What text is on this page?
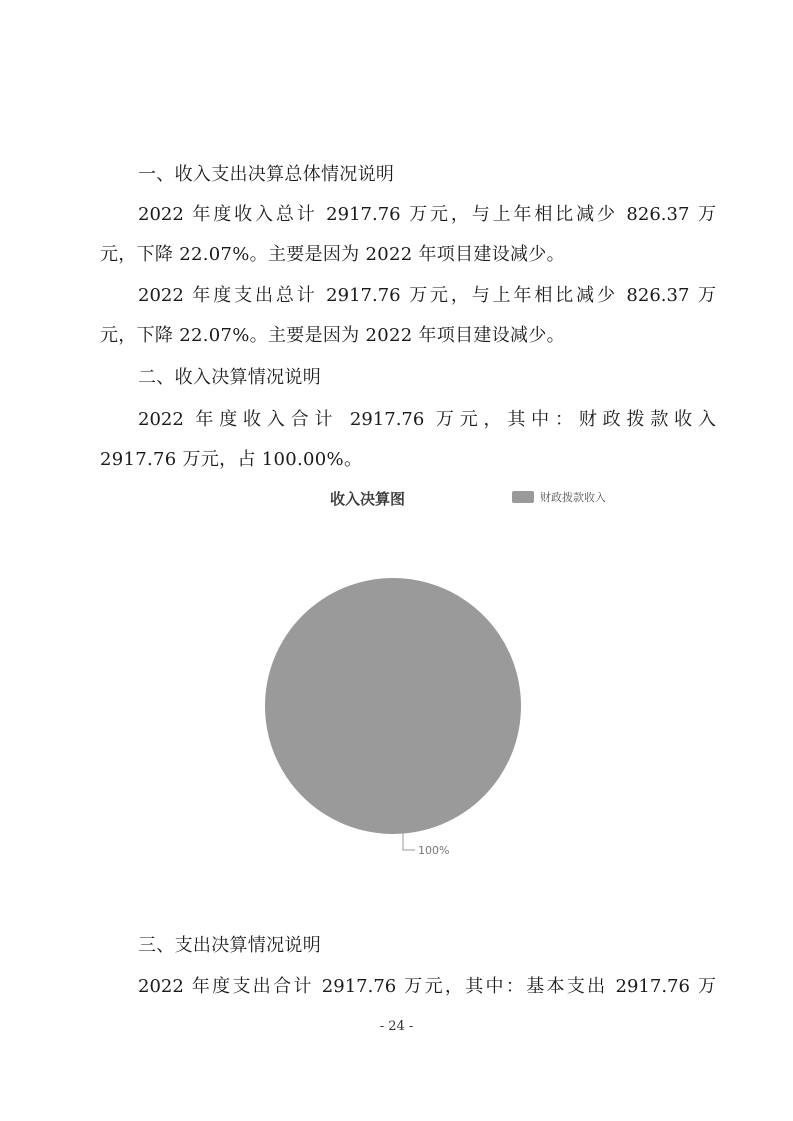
一、收入支出决算总体情况说明
2022 年度收入总计 2917.76 万元，与上年相比减少 826.37 万
元，下降 22.07%。主要是因为 2022 年项目建设减少。
2022 年度支出总计 2917.76 万元，与上年相比减少 826.37 万
元，下降 22.07%。主要是因为 2022 年项目建设减少。
二、收入决算情况说明
2022 年度收入合计 2917.76 万元，其中：财政拨款收入
2917.76 万元，占 100.00%。
收入决算图	财政拨款收入
100%
三、支出决算情况说明
2022 年度支出合计 2917.76 万元，其中：基本支出 2917.76 万
- 24 -
